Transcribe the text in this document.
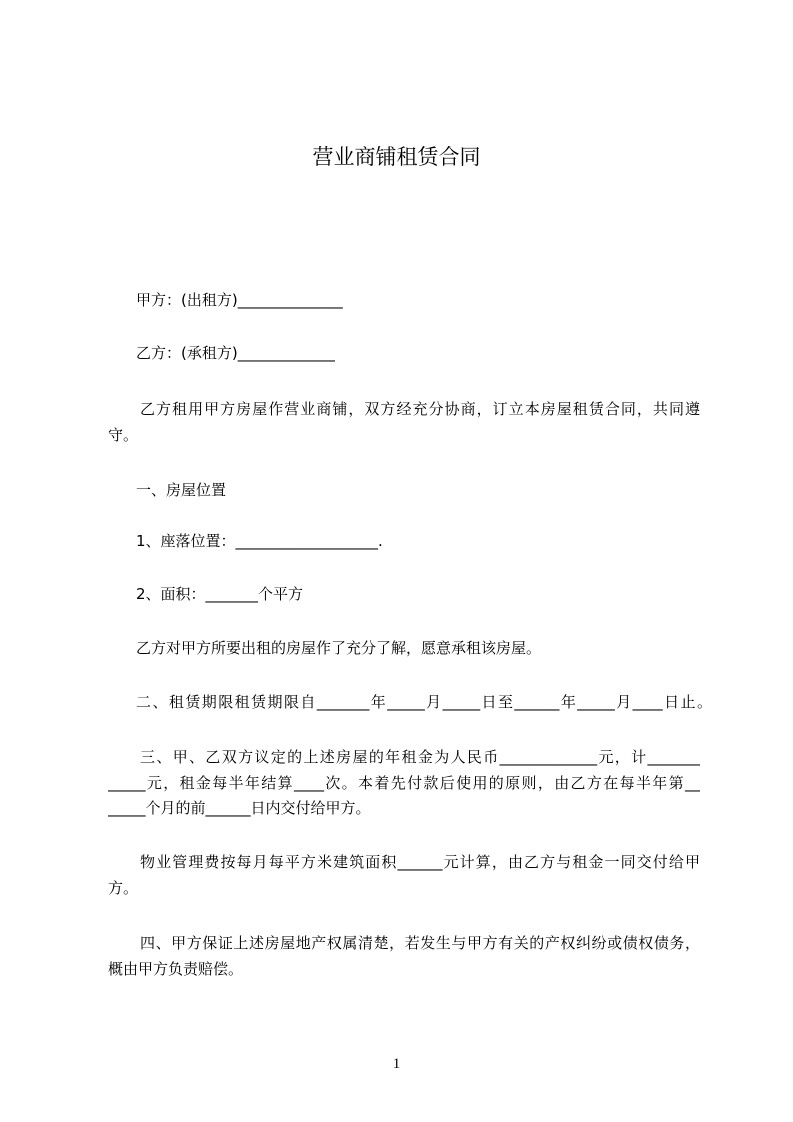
营业商铺租赁合同
甲方：(出租方)______________
乙方：(承租方)_____________
乙方租用甲方房屋作营业商铺，双方经充分协商，订立本房屋租赁合同，共同遵
守。
一、房屋位置
1、座落位置：___________________.
2、面积：_______个平方
乙方对甲方所要出租的房屋作了充分了解，愿意承租该房屋。
二、租赁期限租赁期限自_______年_____月_____日至______年_____月____日止。
三、甲、乙双方议定的上述房屋的年租金为人民币_____________元，计_______
_____元，租金每半年结算____次。本着先付款后使用的原则，由乙方在每半年第__
_____个月的前______日内交付给甲方。
物业管理费按每月每平方米建筑面积______元计算，由乙方与租金一同交付给甲
方。
四、甲方保证上述房屋地产权属清楚，若发生与甲方有关的产权纠纷或债权债务，
概由甲方负责赔偿。
1
